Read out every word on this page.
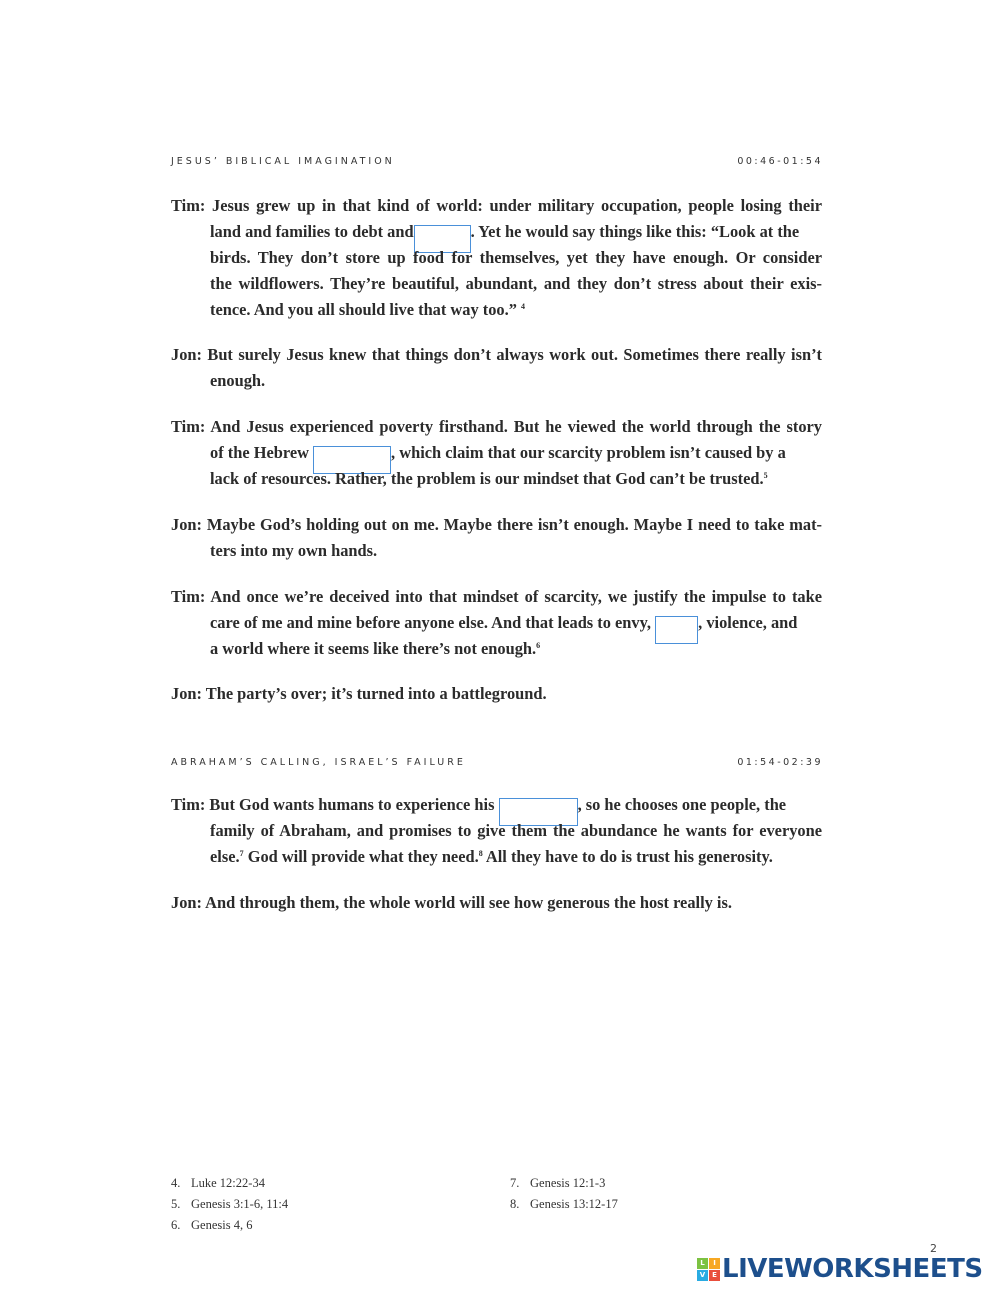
JESUS’ BIBLICAL IMAGINATION	00:46-01:54
Tim: Jesus grew up in that kind of world: under military occupation, people losing their
land and families to debt and	. Yet he would say things like this: “Look at the
birds. They don’t store up food for themselves, yet they have enough. Or consider
the wildflowers. They’re beautiful, abundant, and they don’t stress about their exis-
tence. And you all should live that way too.” $^4$
Jon: But surely Jesus knew that things don’t always work out. Sometimes there really isn’t
enough.
Tim: And Jesus experienced poverty firsthand. But he viewed the world through the story
of the Hebrew	, which claim that our scarcity problem isn’t caused by a
lack of resources. Rather, the problem is our mindset that God can’t be trusted.$^5$
Jon: Maybe God’s holding out on me. Maybe there isn’t enough. Maybe I need to take mat-
ters into my own hands.
Tim: And once we’re deceived into that mindset of scarcity, we justify the impulse to take
care of me and mine before anyone else. And that leads to envy,	, violence, and
a world where it seems like there’s not enough.$^6$
Jon: The party’s over; it’s turned into a battleground.
ABRAHAM’S CALLING, ISRAEL’S FAILURE	01:54-02:39
Tim: But God wants humans to experience his	, so he chooses one people, the
family of Abraham, and promises to give them the abundance he wants for everyone
else.$^7$ God will provide what they need.$^8$ All they have to do is trust his generosity.
Jon: And through them, the whole world will see how generous the host really is.
4. Luke 12:22-34
5. Genesis 3:1-6, 11:4
6. Genesis 4, 6
7. Genesis 12:1-3
8. Genesis 13:12-17
2
L	I
V E LIVEWORKSHEETS
